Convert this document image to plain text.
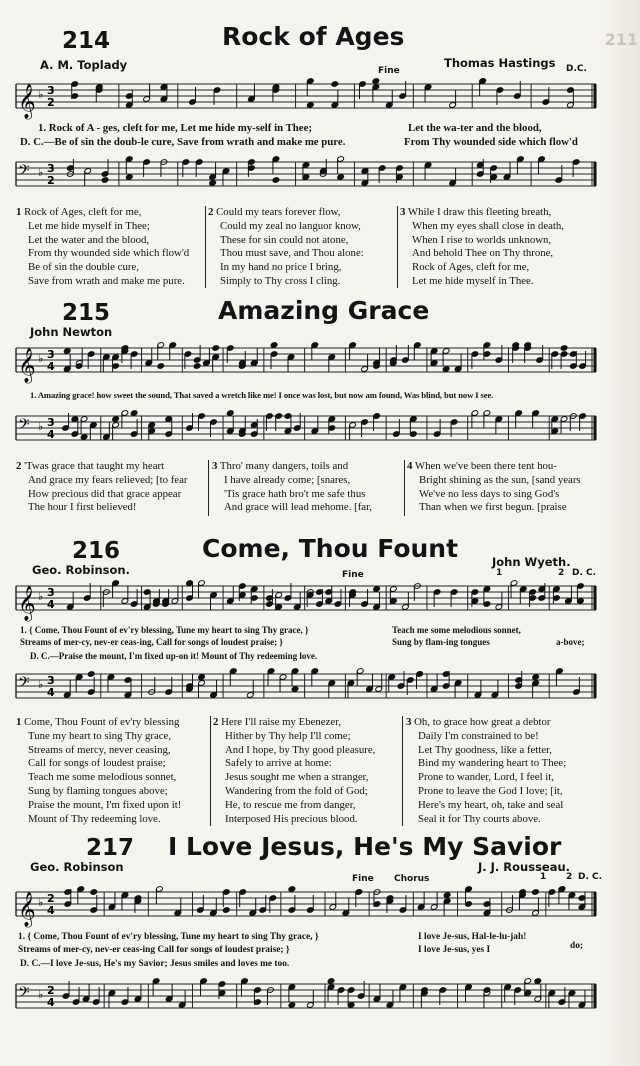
211
214	Rock of Ages
A. M. Toplady	Thomas Hastings
Fine	D.C.
𝄞 ♭ 3
2
1. Rock of A - ges, cleft for me, Let me hide my-self in Thee;
D. C.—Be of sin the doub-le cure, Save from wrath and make me pure.
Let the wa-ter and the blood,
From Thy wounded side which flow'd
𝄢 ♭ 3
2
1 Rock of Ages, cleft for me,
Let me hide myself in Thee;
Let the water and the blood,
From thy wounded side which flow'd
Be of sin the double cure,
Save from wrath and make me pure.
2 Could my tears forever flow,
Could my zeal no languor know,
These for sin could not atone,
Thou must save, and Thou alone:
In my hand no price I bring,
Simply to Thy cross I cling.
3 While I draw this fleeting breath,
When my eyes shall close in death,
When I rise to worlds unknown,
And behold Thee on Thy throne,
Rock of Ages, cleft for me,
Let me hide myself in Thee.
215	Amazing Grace
John Newton
𝄞 ♭ 3
4
1. Amazing grace! how sweet the sound, That saved a wretch like me! I once was lost, but now am found, Was blind, but now I see.
𝄢 ♭ 3
4
2 'Twas grace that taught my heart
And grace my fears relieved; [to fear
How precious did that grace appear
The hour I first believed!
3 Thro' many dangers, toils and
I have already come; [snares,
'Tis grace hath bro't me safe thus
And grace will lead mehome. [far,
4 When we've been there tent hou-
Bright shining as the sun, [sand years
We've no less days to sing God's
Than when we first begun. [praise
216	Come, Thou Fount
Geo. Robinson.
John Wyeth.
Fine	1	2 D. C.
𝄞 ♭ 3
4
1. { Come, Thou Fount of ev'ry blessing, Tune my heart to sing Thy grace, }
Streams of mer-cy, nev-er ceas-ing, Call for songs of loudest praise; }
Teach me some melodious sonnet,
Sung by flam-ing tongues	a-bove;
D. C.—Praise the mount, I'm fixed up-on it! Mount of Thy redeeming love.
𝄢 ♭ 3
4
1 Come, Thou Fount of ev'ry blessing
Tune my heart to sing Thy grace,
Streams of mercy, never ceasing,
Call for songs of loudest praise;
Teach me some melodious sonnet,
Sung by flaming tongues above;
Praise the mount, I'm fixed upon it!
Mount of Thy redeeming love.
2 Here I'll raise my Ebenezer,
Hither by Thy help I'll come;
And I hope, by Thy good pleasure,
Safely to arrive at home:
Jesus sought me when a stranger,
Wandering from the fold of God;
He, to rescue me from danger,
Interposed His precious blood.
3 Oh, to grace how great a debtor
Daily I'm constrained to be!
Let Thy goodness, like a fetter,
Bind my wandering heart to Thee;
Prone to wander, Lord, I feel it,
Prone to leave the God I love; [it,
Here's my heart, oh, take and seal
Seal it for Thy courts above.
217 I Love Jesus, He's My Savior
Geo. Robinson	J. J. Rousseau.
Fine Chorus	1 2 D. C.
𝄞 ♭ 2
4
1. { Come, Thou Fount of ev'ry blessing, Tune my heart to sing Thy grace, }
Streams of mer-cy, nev-er ceas-ing Call for songs of loudest praise; }
I love Je-sus, Hal-le-lu-jah!
I love Je-sus, yes I	do;
D. C.—I love Je-sus, He's my Savior; Jesus smiles and loves me too.
𝄢 ♭ 2
4
